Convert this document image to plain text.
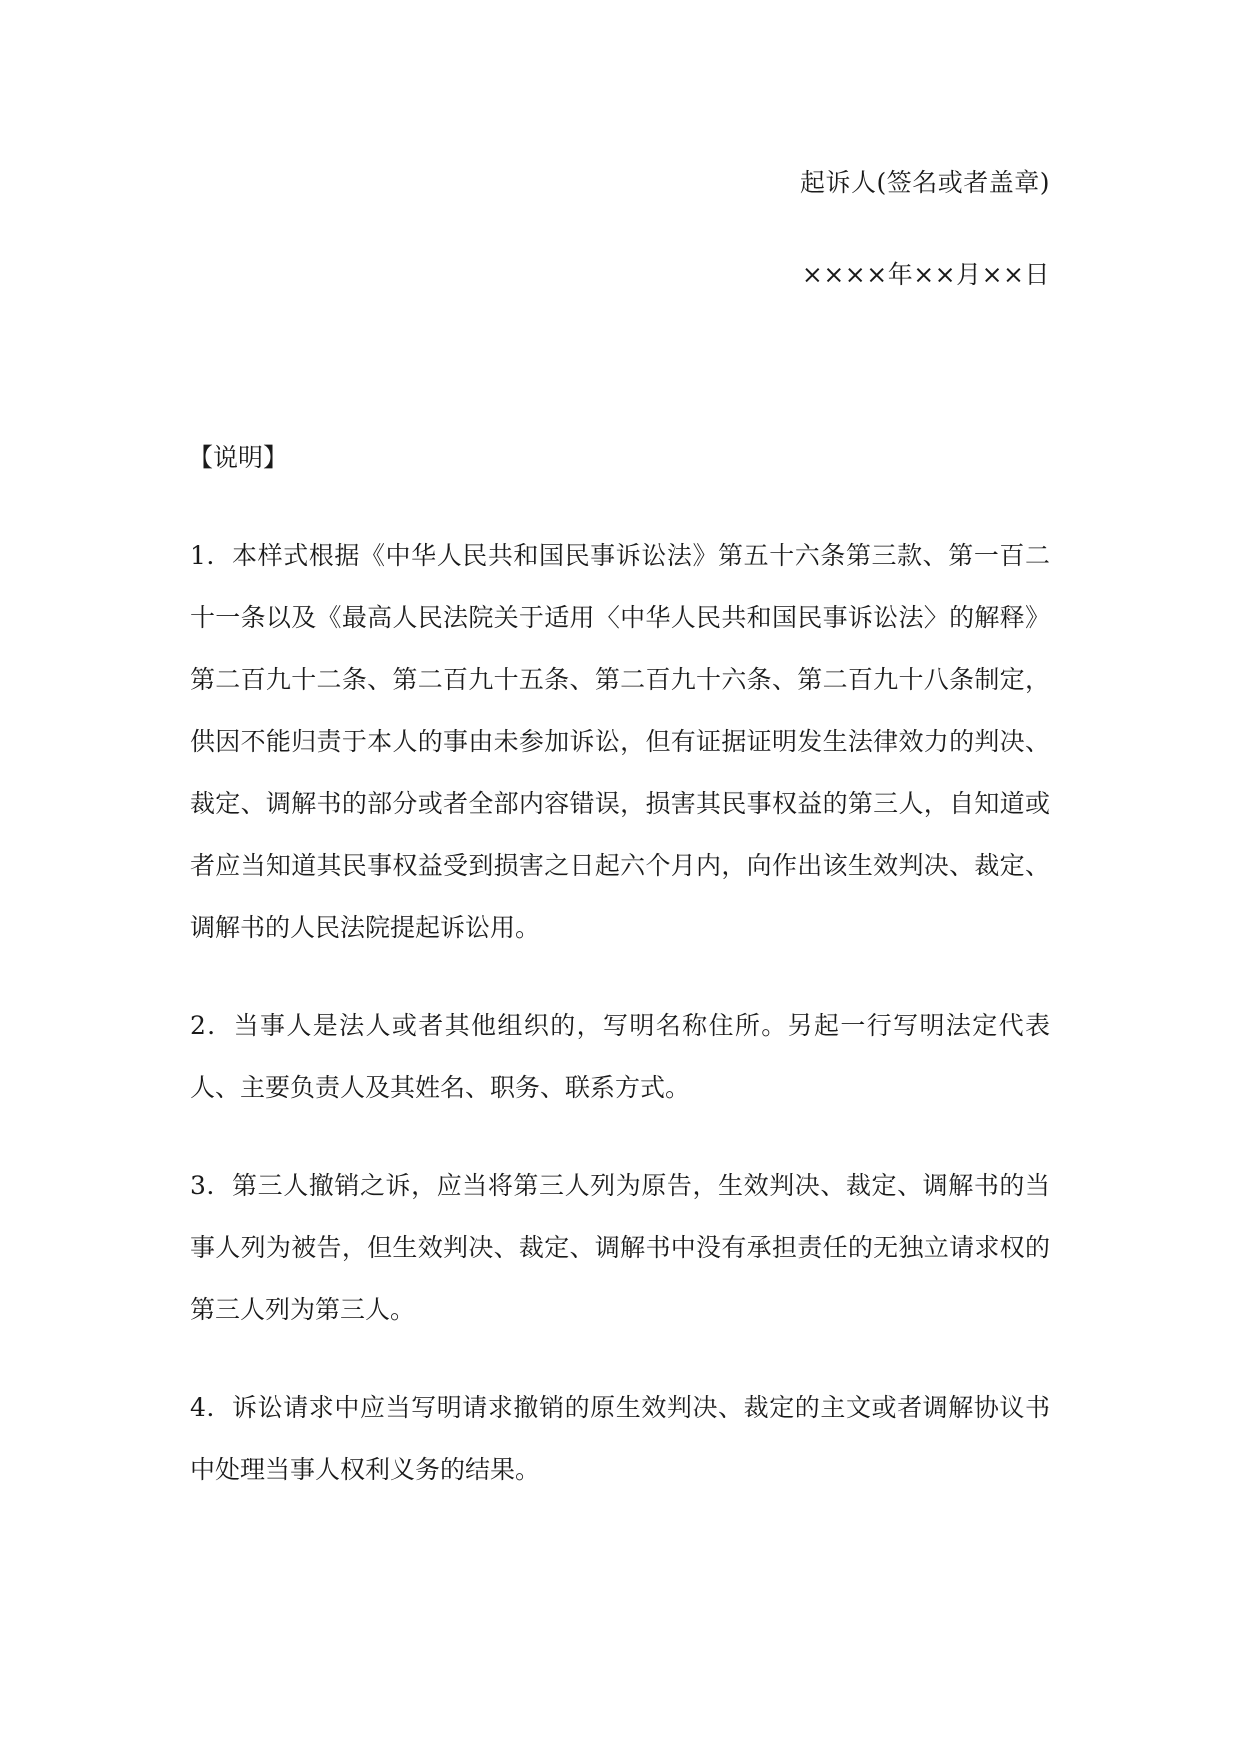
起诉人(签名或者盖章)
××××年××月××日
【说明】

1．本样式根据《中华人民共和国民事诉讼法》第五十六条第三款、第一百二十一条以及《最高人民法院关于适用〈中华人民共和国民事诉讼法〉的解释》第二百九十二条、第二百九十五条、第二百九十六条、第二百九十八条制定，供因不能归责于本人的事由未参加诉讼，但有证据证明发生法律效力的判决、裁定、调解书的部分或者全部内容错误，损害其民事权益的第三人，自知道或者应当知道其民事权益受到损害之日起六个月内，向作出该生效判决、裁定、调解书的人民法院提起诉讼用。

2．当事人是法人或者其他组织的，写明名称住所。另起一行写明法定代表人、主要负责人及其姓名、职务、联系方式。

3．第三人撤销之诉，应当将第三人列为原告，生效判决、裁定、调解书的当事人列为被告，但生效判决、裁定、调解书中没有承担责任的无独立请求权的第三人列为第三人。

4．诉讼请求中应当写明请求撤销的原生效判决、裁定的主文或者调解协议书中处理当事人权利义务的结果。
